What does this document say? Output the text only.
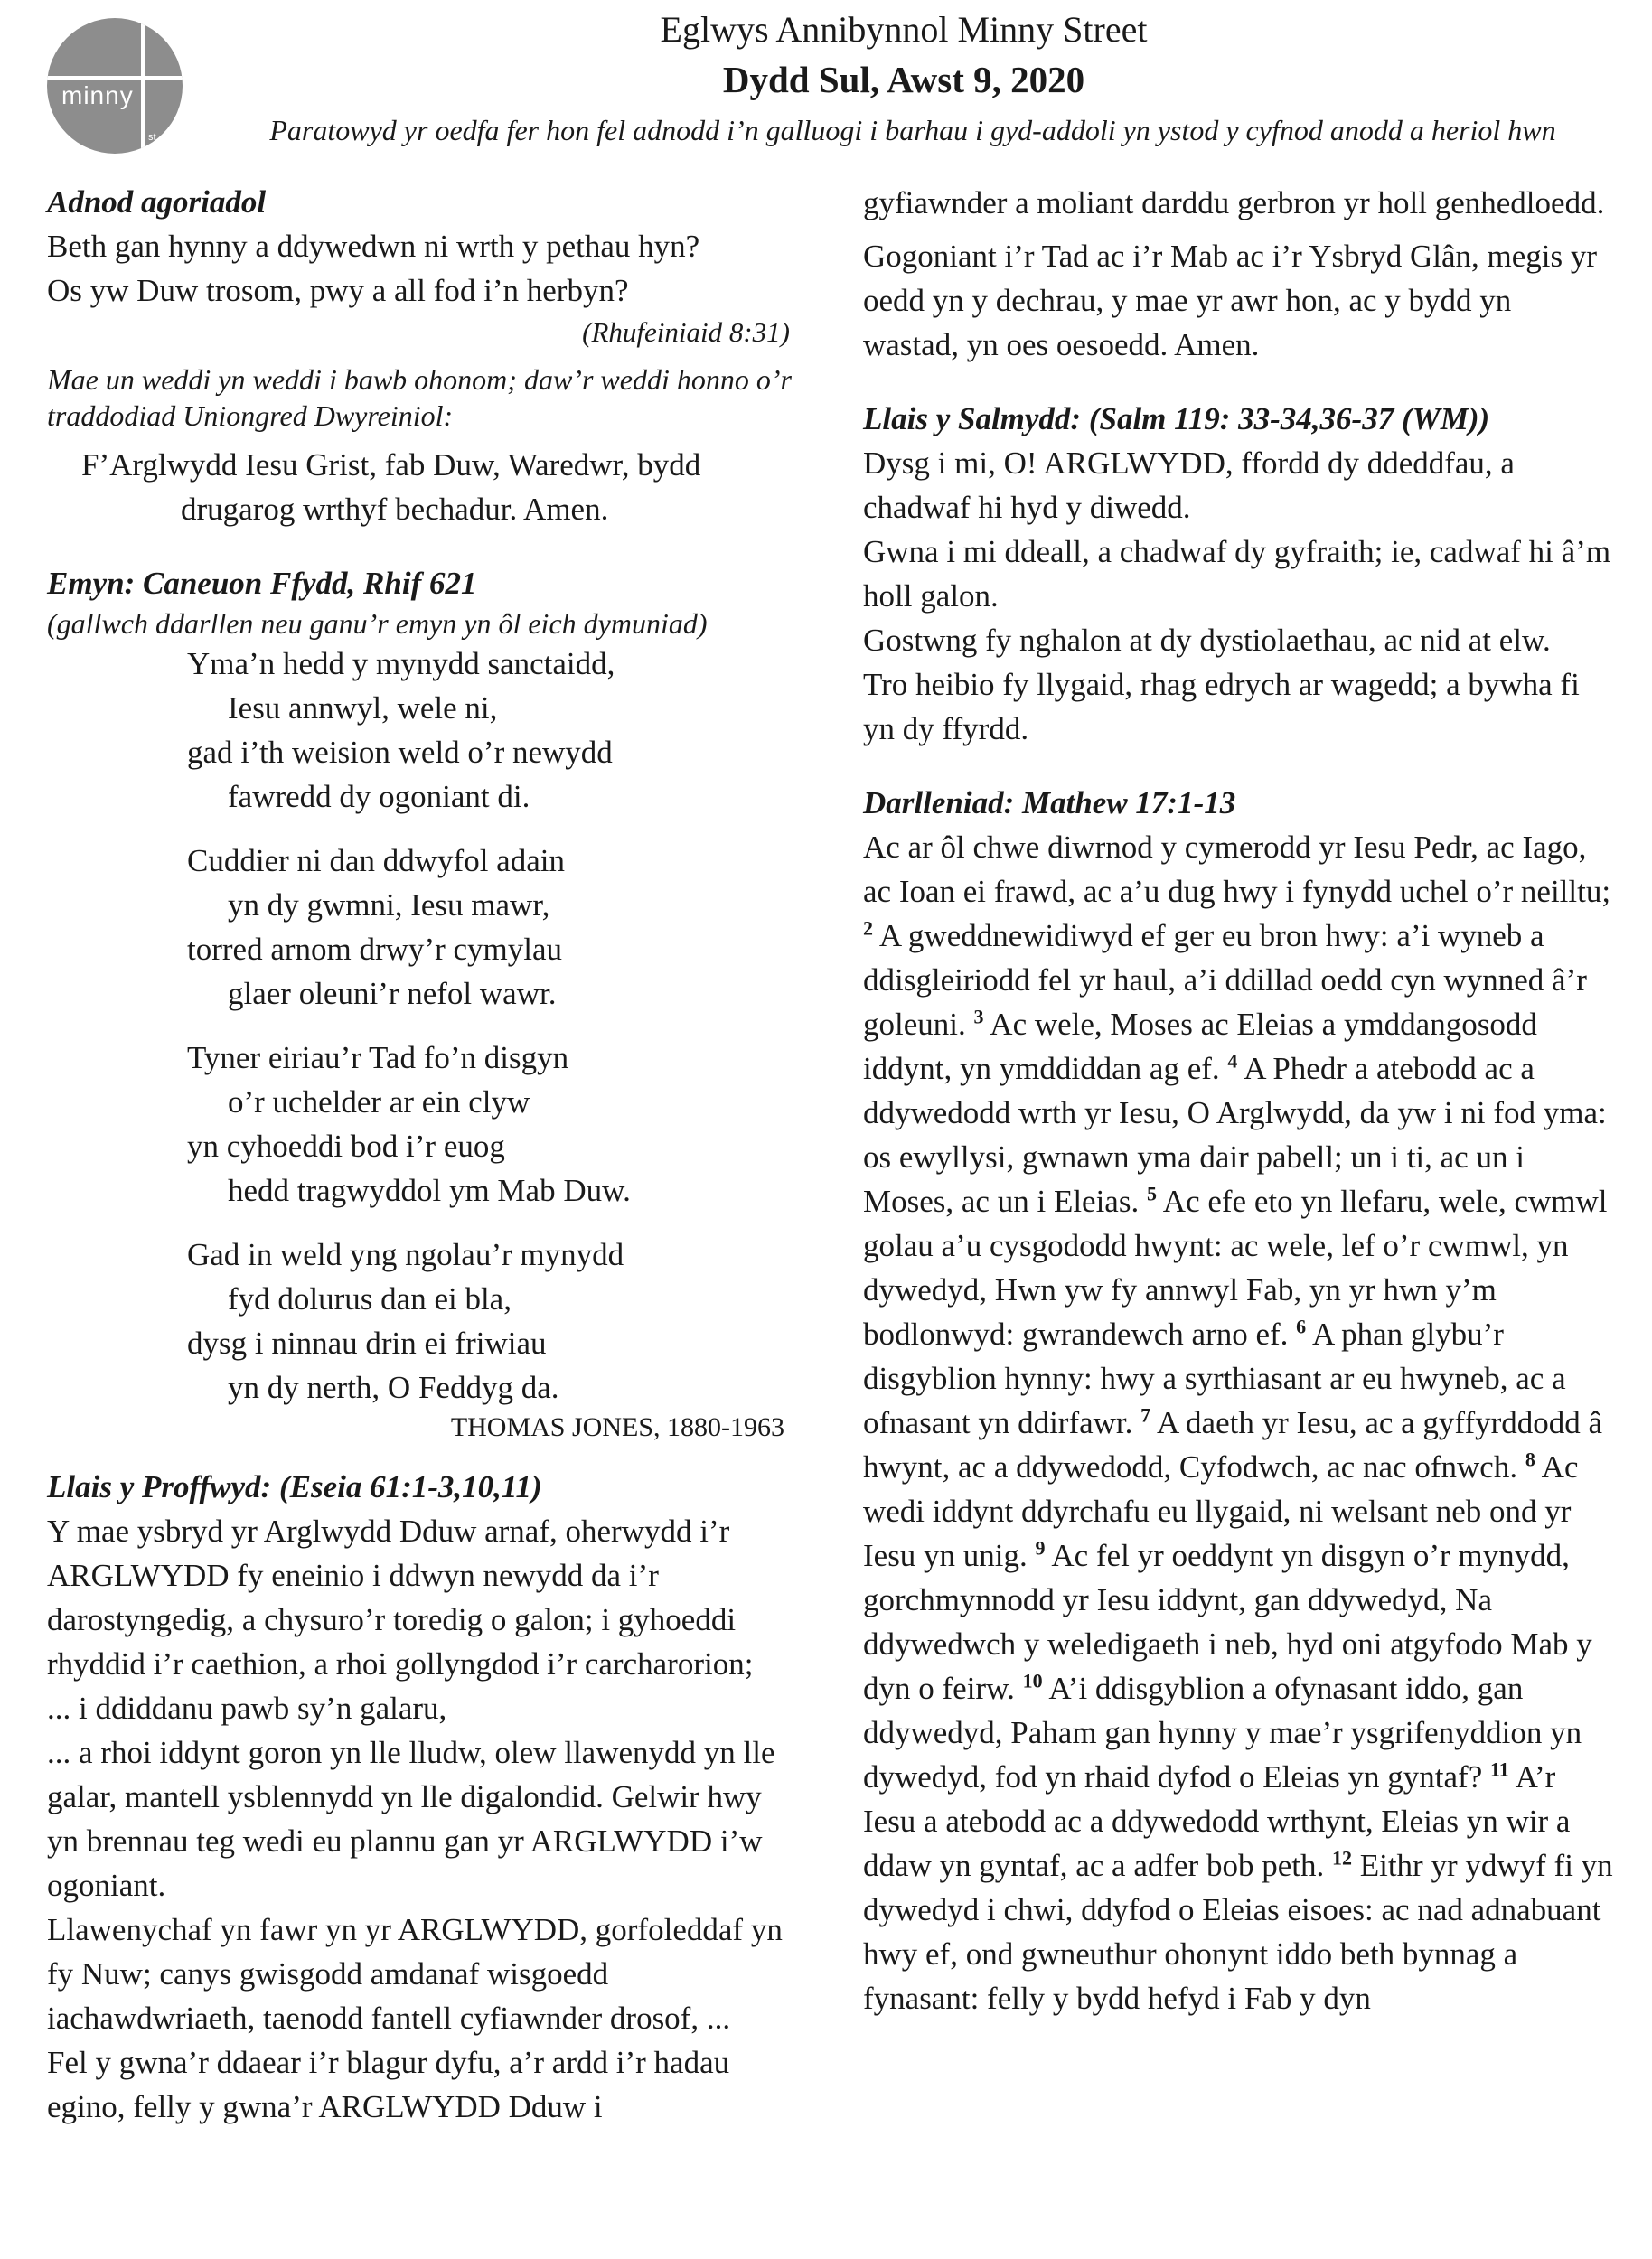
minny
st
Eglwys Annibynnol Minny Street
Dydd Sul, Awst 9, 2020
Paratowyd yr oedfa fer hon fel adnodd i’n galluogi i barhau i gyd-addoli yn ystod y cyfnod anodd a heriol hwn

Adnod agoriadol

Beth gan hynny a ddywedwn ni wrth y pethau hyn?

Os yw Duw trosom, pwy a all fod i’n herbyn?

(Rhufeiniaid 8:31)

Mae un weddi yn weddi i bawb ohonom; daw’r weddi honno o’r traddodiad Uniongred Dwyreiniol:

F’Arglwydd Iesu Grist, fab Duw, Waredwr, bydd
drugarog wrthyf bechadur. Amen.

Emyn: Caneuon Ffydd, Rhif 621

(gallwch ddarllen neu ganu’r emyn yn ôl eich dymuniad)

Yma’n hedd y mynydd sanctaidd,
Iesu annwyl, wele ni,
gad i’th weision weld o’r newydd
fawredd dy ogoniant di.
Cuddier ni dan ddwyfol adain
yn dy gwmni, Iesu mawr,
torred arnom drwy’r cymylau
glaer oleuni’r nefol wawr.
Tyner eiriau’r Tad fo’n disgyn
o’r uchelder ar ein clyw
yn cyhoeddi bod i’r euog
hedd tragwyddol ym Mab Duw.
Gad in weld yng ngolau’r mynydd
fyd dolurus dan ei bla,
dysg i ninnau drin ei friwiau
yn dy nerth, O Feddyg da.

THOMAS JONES, 1880-1963

Llais y Proffwyd: (Eseia 61:1-3,10,11)

Y mae ysbryd yr Arglwydd Dduw arnaf, oherwydd i’r ARGLWYDD fy eneinio i ddwyn newydd da i’r darostyngedig, a chysuro’r toredig o galon; i gyhoeddi rhyddid i’r caethion, a rhoi gollyngdod i’r carcharorion;

... i ddiddanu pawb sy’n galaru,

... a rhoi iddynt goron yn lle lludw, olew llawenydd yn lle galar, mantell ysblennydd yn lle digalondid. Gelwir hwy yn brennau teg wedi eu plannu gan yr ARGLWYDD i’w ogoniant.

Llawenychaf yn fawr yn yr ARGLWYDD, gorfoleddaf yn fy Nuw; canys gwisgodd amdanaf wisgoedd iachawdwriaeth, taenodd fantell cyfiawnder drosof, ...

Fel y gwna’r ddaear i’r blagur dyfu, a’r ardd i’r hadau egino, felly y gwna’r ARGLWYDD Dduw i

gyfiawnder a moliant darddu gerbron yr holl genhedloedd.

Gogoniant i’r Tad ac i’r Mab ac i’r Ysbryd Glân, megis yr oedd yn y dechrau, y mae yr awr hon, ac y bydd yn wastad, yn oes oesoedd. Amen.

Llais y Salmydd: (Salm 119: 33-34,36-37 (WM))

Dysg i mi, O! ARGLWYDD, ffordd dy ddeddfau, a chadwaf hi hyd y diwedd.

Gwna i mi ddeall, a chadwaf dy gyfraith; ie, cadwaf hi â’m holl galon.

Gostwng fy nghalon at dy dystiolaethau, ac nid at elw.

Tro heibio fy llygaid, rhag edrych ar wagedd; a bywha fi yn dy ffyrdd.

Darlleniad: Mathew 17:1-13

Ac ar ôl chwe diwrnod y cymerodd yr Iesu Pedr, ac Iago, ac Ioan ei frawd, ac a’u dug hwy i fynydd uchel o’r neilltu; $^2$ A gweddnewidiwyd ef ger eu bron hwy: a’i wyneb a ddisgleiriodd fel yr haul, a’i ddillad oedd cyn wynned â’r goleuni. $^3$ Ac wele, Moses ac Eleias a ymddangosodd iddynt, yn ymddiddan ag ef. $^4$ A Phedr a atebodd ac a ddywedodd wrth yr Iesu, O Arglwydd, da yw i ni fod yma: os ewyllysi, gwnawn yma dair pabell; un i ti, ac un i Moses, ac un i Eleias. $^5$ Ac efe eto yn llefaru, wele, cwmwl golau a’u cysgododd hwynt: ac wele, lef o’r cwmwl, yn dywedyd, Hwn yw fy annwyl Fab, yn yr hwn y’m bodlonwyd: gwrandewch arno ef. $^6$ A phan glybu’r disgyblion hynny: hwy a syrthiasant ar eu hwyneb, ac a ofnasant yn ddirfawr. $^7$ A daeth yr Iesu, ac a gyffyrddodd â hwynt, ac a ddywedodd, Cyfodwch, ac nac ofnwch. $^8$ Ac wedi iddynt ddyrchafu eu llygaid, ni welsant neb ond yr Iesu yn unig. $^9$ Ac fel yr oeddynt yn disgyn o’r mynydd, gorchmynnodd yr Iesu iddynt, gan ddywedyd, Na ddywedwch y weledigaeth i neb, hyd oni atgyfodo Mab y dyn o feirw. $^{10}$ A’i ddisgyblion a ofynasant iddo, gan ddywedyd, Paham gan hynny y mae’r ysgrifenyddion yn dywedyd, fod yn rhaid dyfod o Eleias yn gyntaf? $^{11}$ A’r Iesu a atebodd ac a ddywedodd wrthynt, Eleias yn wir a ddaw yn gyntaf, ac a adfer bob peth. $^{12}$ Eithr yr ydwyf fi yn dywedyd i chwi, ddyfod o Eleias eisoes: ac nad adnabuant hwy ef, ond gwneuthur ohonynt iddo beth bynnag a fynasant: felly y bydd hefyd i Fab y dyn
